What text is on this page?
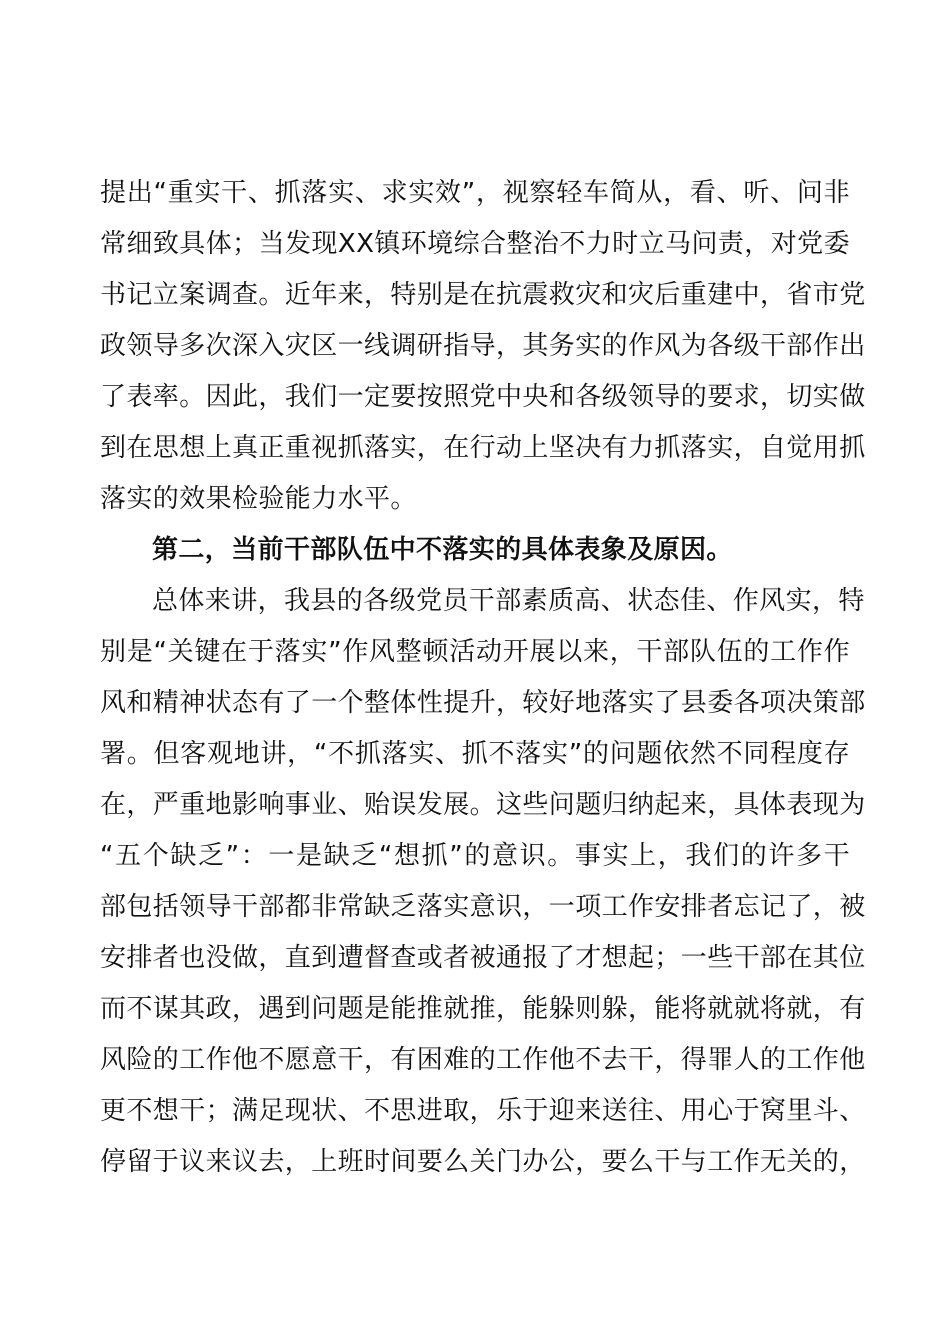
提出“重实干、抓落实、求实效”，视察轻车简从，看、听、问非
常细致具体；当发现XX镇环境综合整治不力时立马问责，对党委
书记立案调查。近年来，特别是在抗震救灾和灾后重建中，省市党
政领导多次深入灾区一线调研指导，其务实的作风为各级干部作出
了表率。因此，我们一定要按照党中央和各级领导的要求，切实做
到在思想上真正重视抓落实，在行动上坚决有力抓落实，自觉用抓
落实的效果检验能力水平。
第二，当前干部队伍中不落实的具体表象及原因。
总体来讲，我县的各级党员干部素质高、状态佳、作风实，特
别是“关键在于落实”作风整顿活动开展以来，干部队伍的工作作
风和精神状态有了一个整体性提升，较好地落实了县委各项决策部
署。但客观地讲，“不抓落实、抓不落实”的问题依然不同程度存
在，严重地影响事业、贻误发展。这些问题归纳起来，具体表现为
“五个缺乏”：一是缺乏“想抓”的意识。事实上，我们的许多干
部包括领导干部都非常缺乏落实意识，一项工作安排者忘记了，被
安排者也没做，直到遭督查或者被通报了才想起；一些干部在其位
而不谋其政，遇到问题是能推就推，能躲则躲，能将就就将就，有
风险的工作他不愿意干，有困难的工作他不去干，得罪人的工作他
更不想干；满足现状、不思进取，乐于迎来送往、用心于窝里斗、
停留于议来议去，上班时间要么关门办公，要么干与工作无关的，
